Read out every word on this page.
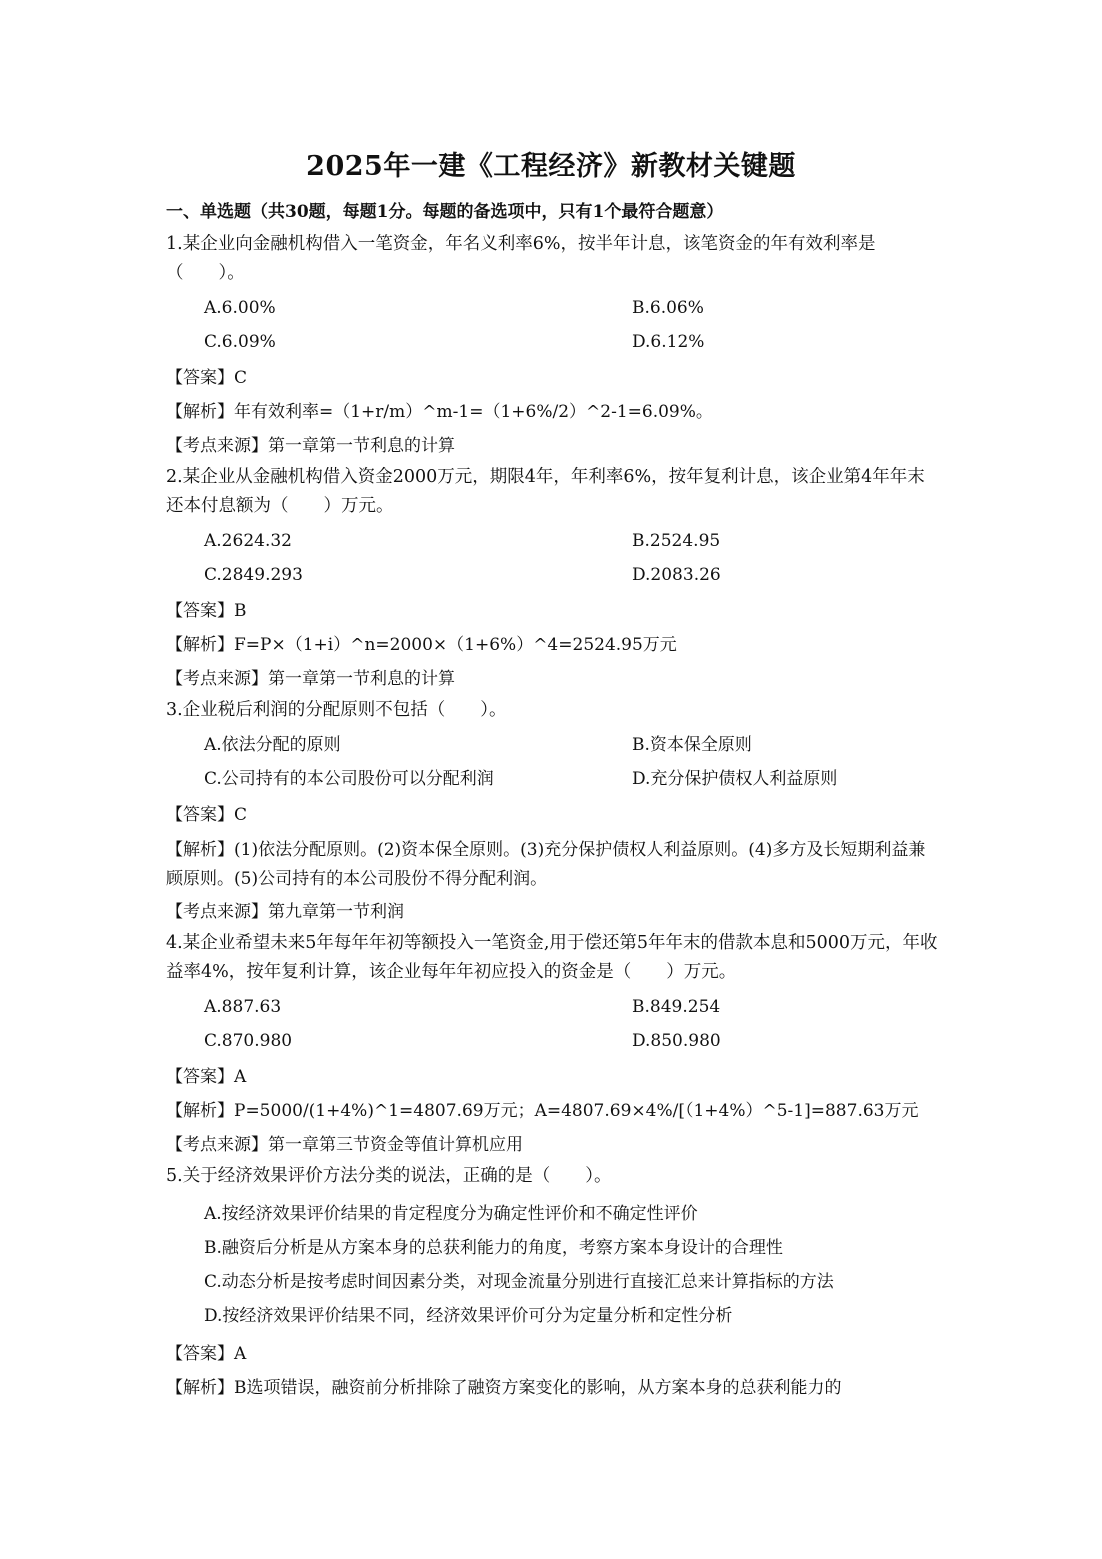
2025年一建《工程经济》新教材关键题
一、单选题（共30题，每题1分。每题的备选项中，只有1个最符合题意）

1.某企业向金融机构借入一笔资金，年名义利率6%，按半年计息，该笔资金的年有效利率是（　　）。

A.6.00%	B.6.06%
C.6.09%	D.6.12%

【答案】C

【解析】年有效利率=（1+r/m）^m-1=（1+6%/2）^2-1=6.09%。

【考点来源】第一章第一节利息的计算

2.某企业从金融机构借入资金2000万元，期限4年，年利率6%，按年复利计息，该企业第4年年末还本付息额为（　　）万元。

A.2624.32	B.2524.95
C.2849.293	D.2083.26

【答案】B

【解析】F=P×（1+i）^n=2000×（1+6%）^4=2524.95万元

【考点来源】第一章第一节利息的计算

3.企业税后利润的分配原则不包括（　　）。

A.依法分配的原则	B.资本保全原则
C.公司持有的本公司股份可以分配利润	D.充分保护债权人利益原则

【答案】C

【解析】(1)依法分配原则。(2)资本保全原则。(3)充分保护债权人利益原则。(4)多方及长短期利益兼顾原则。(5)公司持有的本公司股份不得分配利润。

【考点来源】第九章第一节利润

4.某企业希望未来5年每年年初等额投入一笔资金,用于偿还第5年年末的借款本息和5000万元，年收益率4%，按年复利计算，该企业每年年初应投入的资金是（　　）万元。

A.887.63	B.849.254
C.870.980	D.850.980

【答案】A

【解析】P=5000/(1+4%)^1=4807.69万元；A=4807.69×4%/[（1+4%）^5-1]=887.63万元

【考点来源】第一章第三节资金等值计算机应用

5.关于经济效果评价方法分类的说法，正确的是（　　）。

A.按经济效果评价结果的肯定程度分为确定性评价和不确定性评价
B.融资后分析是从方案本身的总获利能力的角度，考察方案本身设计的合理性
C.动态分析是按考虑时间因素分类，对现金流量分别进行直接汇总来计算指标的方法
D.按经济效果评价结果不同，经济效果评价可分为定量分析和定性分析

【答案】A

【解析】B选项错误，融资前分析排除了融资方案变化的影响，从方案本身的总获利能力的
